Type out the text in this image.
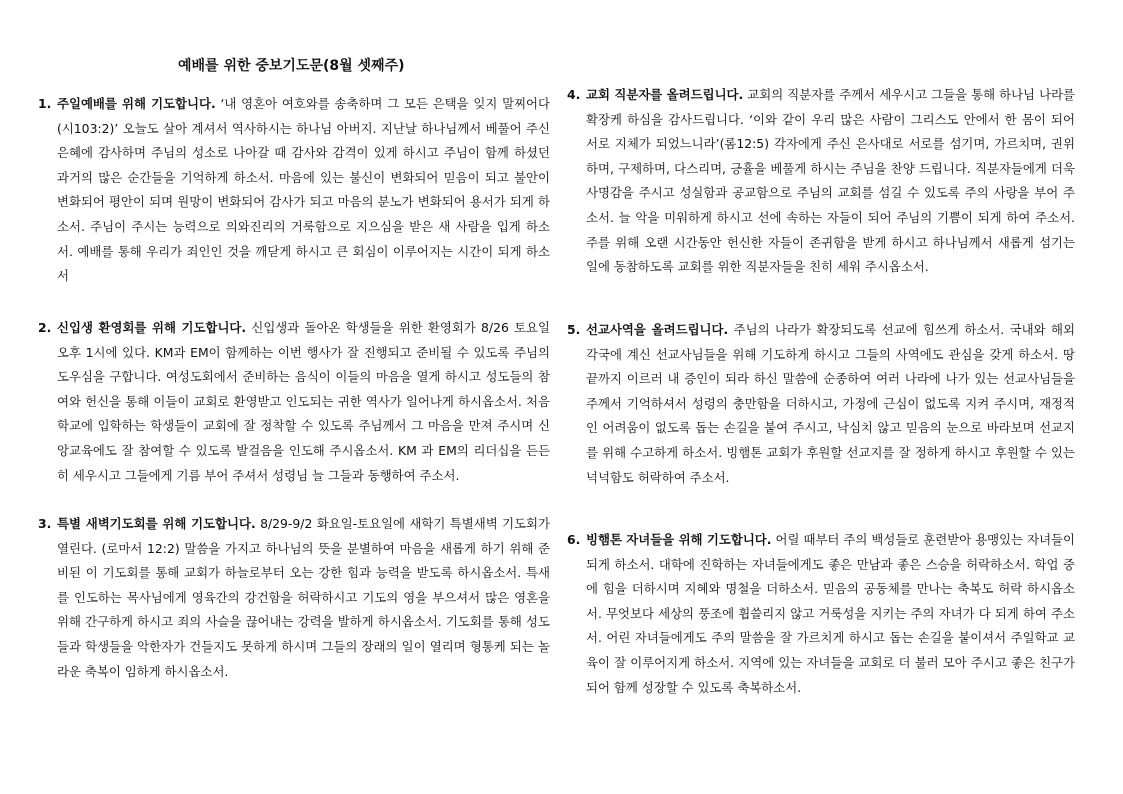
예배를 위한 중보기도문(8월 셋째주)

1. 주일예배를 위해 기도합니다. ‘내 영혼아 여호와를 송축하며 그 모든 은택을 잊지 말찌어다(시103:2)’ 오늘도 살아 계셔서 역사하시는 하나님 아버지. 지난날 하나님께서 베풀어 주신 은혜에 감사하며 주님의 성소로 나아갈 때 감사와 감격이 있게 하시고 주님이 함께 하셨던 과거의 많은 순간들을 기억하게 하소서. 마음에 있는 불신이 변화되어 믿음이 되고 불안이 변화되어 평안이 되며 원망이 변화되어 감사가 되고 마음의 분노가 변화되어 용서가 되게 하소서. 주님이 주시는 능력으로 의와진리의 거룩함으로 지으심을 받은 새 사람을 입게 하소서. 예배를 통해 우리가 죄인인 것을 깨닫게 하시고 큰 회심이 이루어지는 시간이 되게 하소서

2. 신입생 환영회를 위해 기도합니다. 신입생과 돌아온 학생들을 위한 환영회가 8/26 토요일 오후 1시에 있다. KM과 EM이 함께하는 이번 행사가 잘 진행되고 준비될 수 있도록 주님의 도우심을 구합니다. 여성도회에서 준비하는 음식이 이들의 마음을 열게 하시고 성도들의 참여와 헌신을 통해 이들이 교회로 환영받고 인도되는 귀한 역사가 일어나게 하시옵소서. 처음 학교에 입학하는 학생들이 교회에 잘 정착할 수 있도록 주님께서 그 마음을 만져 주시며 신앙교육에도 잘 참여할 수 있도록 발걸음을 인도해 주시옵소서. KM 과 EM의 리더십을 든든히 세우시고 그들에게 기름 부어 주셔서 성령님 늘 그들과 동행하여 주소서.

3. 특별 새벽기도회를 위해 기도합니다. 8/29-9/2 화요일-토요일에 새학기 특별새벽 기도회가 열린다. (로마서 12:2) 말씀을 가지고 하나님의 뜻을 분별하여 마음을 새롭게 하기 위해 준비된 이 기도회를 통해 교회가 하늘로부터 오는 강한 힘과 능력을 받도록 하시옵소서. 특새를 인도하는 목사님에게 영육간의 강건함을 허락하시고 기도의 영을 부으셔서 많은 영혼을 위해 간구하게 하시고 죄의 사슬을 끊어내는 강력을 발하게 하시옵소서. 기도회를 통해 성도들과 학생들을 악한자가 건들지도 못하게 하시며 그들의 장래의 일이 열리며 형통케 되는 놀라운 축복이 임하게 하시옵소서.

4. 교회 직분자를 올려드립니다. 교회의 직분자를 주께서 세우시고 그들을 통해 하나님 나라를 확장케 하심을 감사드립니다. ‘이와 같이 우리 많은 사람이 그리스도 안에서 한 몸이 되어 서로 지체가 되었느니라’(롬12:5) 각자에게 주신 은사대로 서로를 섬기며, 가르치며, 권위하며, 구제하며, 다스리며, 긍휼을 베풀게 하시는 주님을 찬양 드립니다. 직분자들에게 더욱 사명감을 주시고 성실함과 공교함으로 주님의 교회를 섬길 수 있도록 주의 사랑을 부어 주소서. 늘 악을 미워하게 하시고 선에 속하는 자들이 되어 주님의 기쁨이 되게 하여 주소서. 주를 위해 오랜 시간동안 헌신한 자들이 존귀함을 받게 하시고 하나님께서 새롭게 섬기는 일에 동참하도록 교회를 위한 직분자들을 친히 세워 주시옵소서.

5. 선교사역을 올려드립니다. 주님의 나라가 확장되도록 선교에 힘쓰게 하소서. 국내와 해외 각국에 계신 선교사님들을 위해 기도하게 하시고 그들의 사역에도 관심을 갖게 하소서. 땅끝까지 이르러 내 증인이 되라 하신 말씀에 순종하여 여러 나라에 나가 있는 선교사님들을 주께서 기억하셔서 성령의 충만함을 더하시고, 가정에 근심이 없도록 지켜 주시며, 재정적인 어려움이 없도록 돕는 손길을 붙여 주시고, 낙심치 않고 믿음의 눈으로 바라보며 선교지를 위해 수고하게 하소서. 빙햄톤 교회가 후원할 선교지를 잘 정하게 하시고 후원할 수 있는 넉넉함도 허락하여 주소서.

6. 빙햄톤 자녀들을 위해 기도합니다. 어릴 때부터 주의 백성들로 훈련받아 용맹있는 자녀들이 되게 하소서. 대학에 진학하는 자녀들에게도 좋은 만남과 좋은 스승을 허락하소서. 학업 중에 힘을 더하시며 지혜와 명철을 더하소서. 믿음의 공동체를 만나는 축복도 허락 하시옵소서. 무엇보다 세상의 풍조에 휩쓸리지 않고 거룩성을 지키는 주의 자녀가 다 되게 하여 주소서. 어린 자녀들에게도 주의 말씀을 잘 가르치게 하시고 돕는 손길을 붙이셔서 주일학교 교육이 잘 이루어지게 하소서. 지역에 있는 자녀들을 교회로 더 불러 모아 주시고 좋은 친구가 되어 함께 성장할 수 있도록 축복하소서.
